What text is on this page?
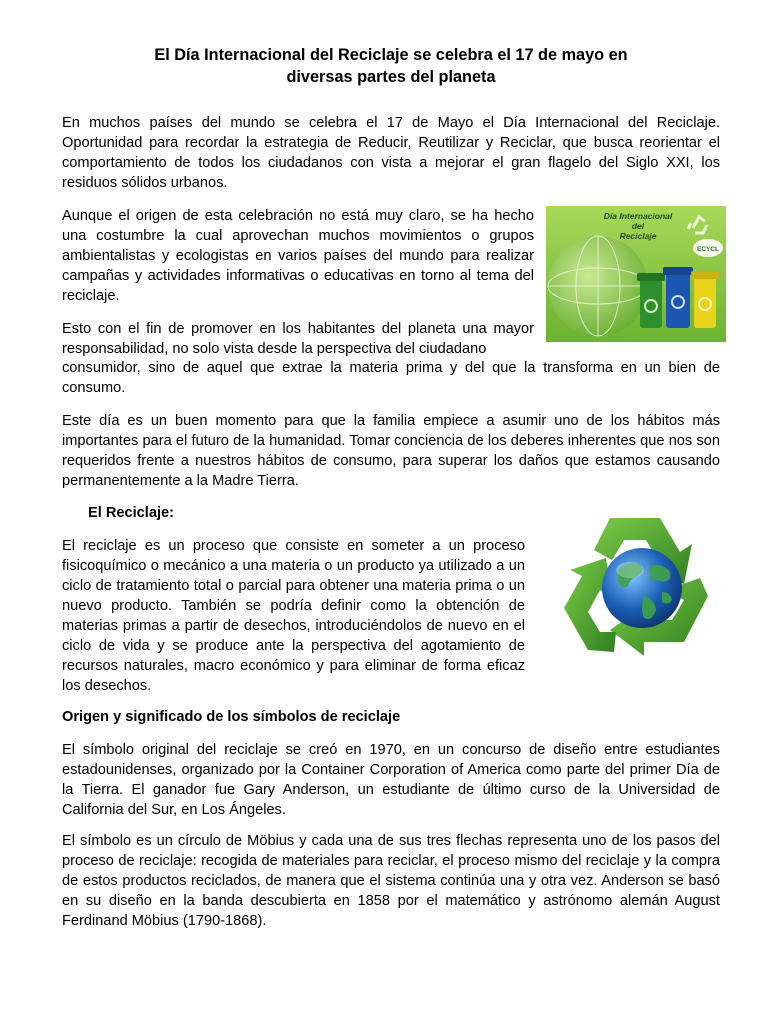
El Día Internacional del Reciclaje se celebra el 17 de mayo en
diversas partes del planeta

En muchos países del mundo se celebra el 17 de Mayo el Día Internacional del Reciclaje. Oportunidad para recordar la estrategia de Reducir, Reutilizar y Reciclar, que busca reorientar el comportamiento de todos los ciudadanos con vista a mejorar el gran flagelo del Siglo XXI, los residuos sólidos urbanos.

Aunque el origen de esta celebración no está muy claro, se ha hecho una costumbre la cual aprovechan muchos movimientos o grupos ambientalistas y ecologistas en varios países del mundo para realizar campañas y actividades informativas o educativas en torno al tema del reciclaje.

Día Internacional
del
Reciclaje
ECYCL

Esto con el fin de promover en los habitantes del planeta una mayor responsabilidad, no solo vista desde la perspectiva del ciudadano

consumidor, sino de aquel que extrae la materia prima y del que la transforma en un bien de consumo.

Este día es un buen momento para que la familia empiece a asumir uno de los hábitos más importantes para el futuro de la humanidad. Tomar conciencia de los deberes inherentes que nos son requeridos frente a nuestros hábitos de consumo, para superar los daños que estamos causando permanentemente a la Madre Tierra.

El Reciclaje:

El reciclaje es un proceso que consiste en someter a un proceso fisicoquímico o mecánico a una materia o un producto ya utilizado a un ciclo de tratamiento total o parcial para obtener una materia prima o un nuevo producto. También se podría definir como la obtención de materias primas a partir de desechos, introduciéndolos de nuevo en el ciclo de vida y se produce ante la perspectiva del agotamiento de recursos naturales, macro económico y para eliminar de forma eficaz los desechos.

Origen y significado de los símbolos de reciclaje

El símbolo original del reciclaje se creó en 1970, en un concurso de diseño entre estudiantes estadounidenses, organizado por la Container Corporation of America como parte del primer Día de la Tierra. El ganador fue Gary Anderson, un estudiante de último curso de la Universidad de California del Sur, en Los Ángeles.

El símbolo es un círculo de Möbius y cada una de sus tres flechas representa uno de los pasos del proceso de reciclaje: recogida de materiales para reciclar, el proceso mismo del reciclaje y la compra de estos productos reciclados, de manera que el sistema continúa una y otra vez. Anderson se basó en su diseño en la banda descubierta en 1858 por el matemático y astrónomo alemán August Ferdinand Möbius (1790-1868).
